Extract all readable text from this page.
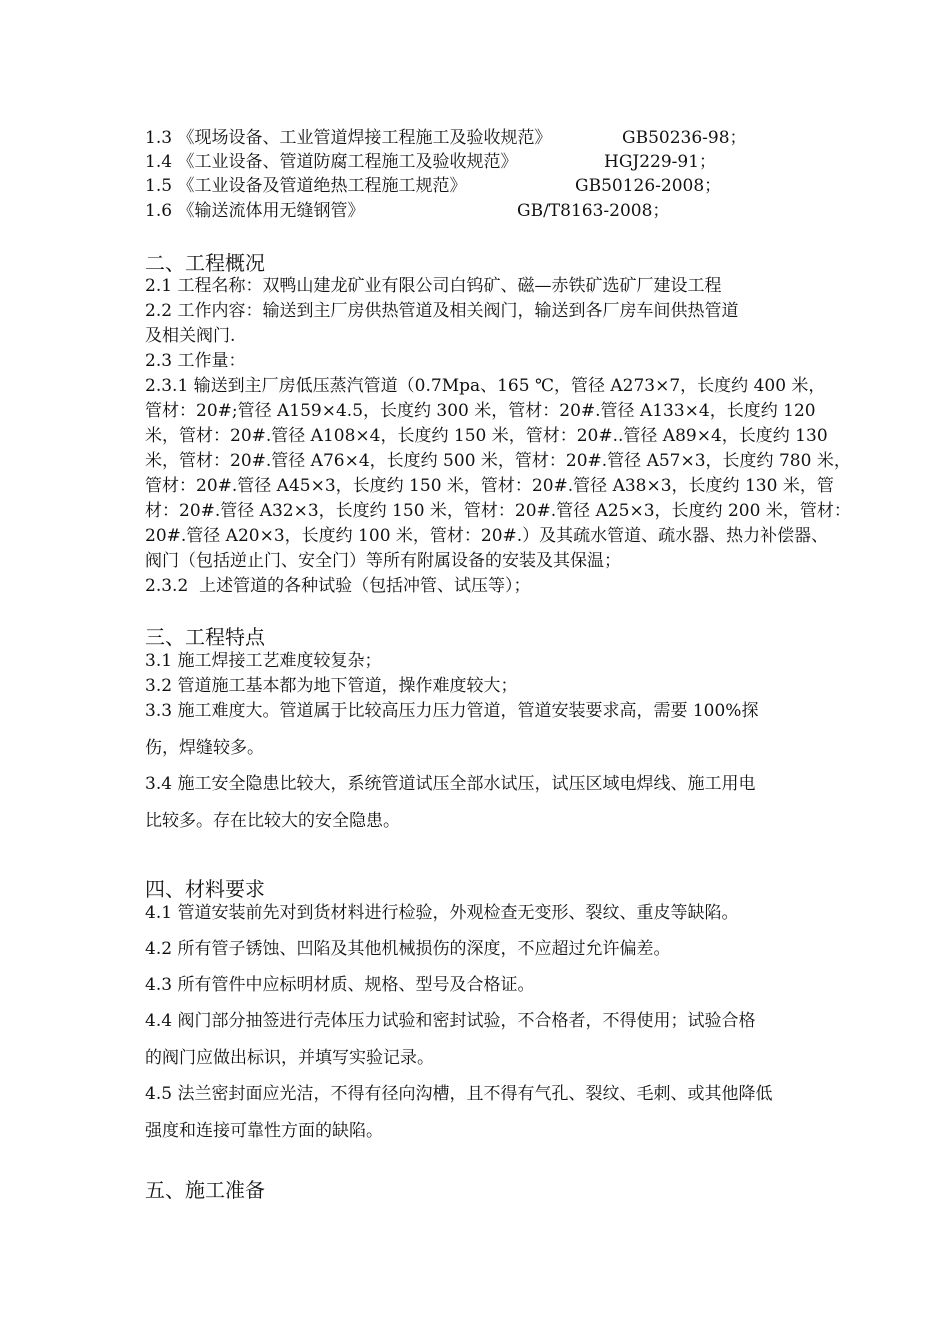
1.3 《现场设备、工业管道焊接工程施工及验收规范》	GB50236-98；
1.4 《工业设备、管道防腐工程施工及验收规范》	HGJ229-91；
1.5 《工业设备及管道绝热工程施工规范》	GB50126-2008；
1.6 《输送流体用无缝钢管》	GB/T8163-2008；
二、工程概况
2.1 工程名称：双鸭山建龙矿业有限公司白钨矿、磁—赤铁矿选矿厂建设工程
2.2 工作内容：输送到主厂房供热管道及相关阀门，输送到各厂房车间供热管道
及相关阀门.
2.3 工作量：
2.3.1 输送到主厂房低压蒸汽管道（0.7Mpa、165 ℃，管径 A273×7，长度约 400 米，
管材：20#;管径 A159×4.5，长度约 300 米，管材：20#.管径 A133×4，长度约 120
米，管材：20#.管径 A108×4，长度约 150 米，管材：20#..管径 A89×4，长度约 130
米，管材：20#.管径 A76×4，长度约 500 米，管材：20#.管径 A57×3，长度约 780 米，
管材：20#.管径 A45×3，长度约 150 米，管材：20#.管径 A38×3，长度约 130 米，管
材：20#.管径 A32×3，长度约 150 米，管材：20#.管径 A25×3，长度约 200 米，管材：
20#.管径 A20×3，长度约 100 米，管材：20#.）及其疏水管道、疏水器、热力补偿器、
阀门（包括逆止门、安全门）等所有附属设备的安装及其保温；
2.3.2  上述管道的各种试验（包括冲管、试压等）；
三、工程特点
3.1 施工焊接工艺难度较复杂；
3.2 管道施工基本都为地下管道，操作难度较大；
3.3 施工难度大。管道属于比较高压力压力管道，管道安装要求高，需要 100%探
伤，焊缝较多。
3.4 施工安全隐患比较大，系统管道试压全部水试压，试压区域电焊线、施工用电
比较多。存在比较大的安全隐患。
四、材料要求
4.1 管道安装前先对到货材料进行检验，外观检查无变形、裂纹、重皮等缺陷。
4.2 所有管子锈蚀、凹陷及其他机械损伤的深度，不应超过允许偏差。
4.3 所有管件中应标明材质、规格、型号及合格证。
4.4 阀门部分抽签进行壳体压力试验和密封试验，不合格者，不得使用；试验合格
的阀门应做出标识，并填写实验记录。
4.5 法兰密封面应光洁，不得有径向沟槽，且不得有气孔、裂纹、毛刺、或其他降低
强度和连接可靠性方面的缺陷。
五、施工准备
